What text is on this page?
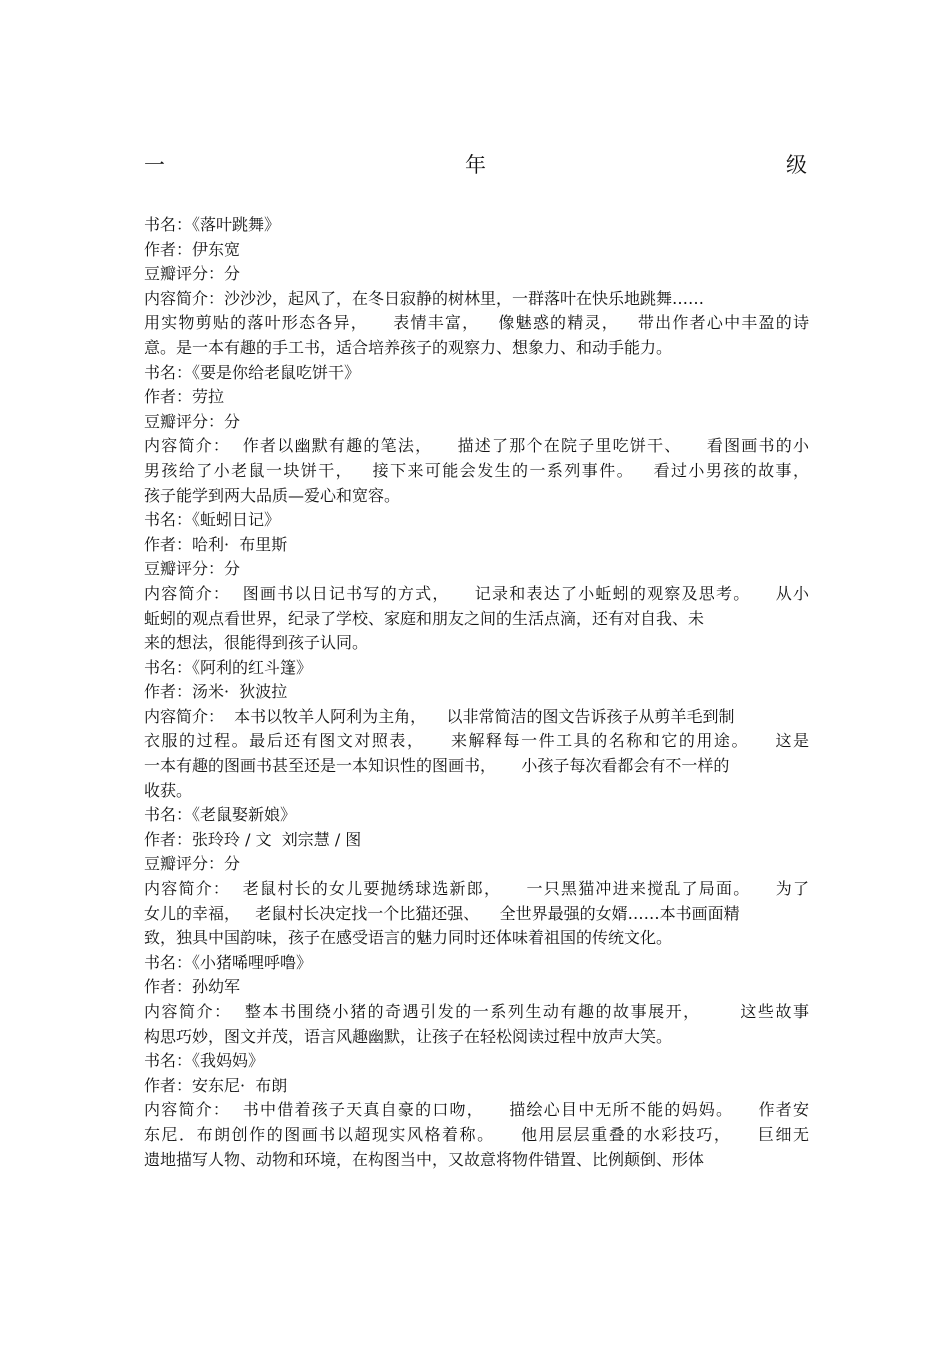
一	年	级
书名：《落叶跳舞》
作者：伊东宽
豆瓣评分：分
内容简介：沙沙沙，起风了，在冬日寂静的树林里，一群落叶在快乐地跳舞……
用实物剪贴的落叶形态各异，    表情丰富，   像魅惑的精灵，   带出作者心中丰盈的诗
意。是一本有趣的手工书，适合培养孩子的观察力、想象力、和动手能力。
书名：《要是你给老鼠吃饼干》
作者：劳拉
豆瓣评分：分
内容简介：  作者以幽默有趣的笔法，    描述了那个在院子里吃饼干、    看图画书的小
男孩给了小老鼠一块饼干，   接下来可能会发生的一系列事件。   看过小男孩的故事，
孩子能学到两大品质—爱心和宽容。
书名：《蚯蚓日记》
作者：哈利·  布里斯
豆瓣评分：分
内容简介：  图画书以日记书写的方式，    记录和表达了小蚯蚓的观察及思考。    从小
蚯蚓的观点看世界，纪录了学校、家庭和朋友之间的生活点滴，还有对自我、未
来的想法，很能得到孩子认同。
书名：《阿利的红斗篷》
作者：汤米·  狄波拉
内容简介：  本书以牧羊人阿利为主角，    以非常简洁的图文告诉孩子从剪羊毛到制
衣服的过程。最后还有图文对照表，    来解释每一件工具的名称和它的用途。    这是
一本有趣的图画书甚至还是一本知识性的图画书，     小孩子每次看都会有不一样的
收获。
书名：《老鼠娶新娘》
作者：张玲玲 / 文  刘宗慧 / 图
豆瓣评分：分
内容简介：  老鼠村长的女儿要抛绣球选新郎，    一只黑猫冲进来搅乱了局面。    为了
女儿的幸福，   老鼠村长决定找一个比猫还强、    全世界最强的女婿……本书画面精
致，独具中国韵味，孩子在感受语言的魅力同时还体味着祖国的传统文化。
书名：《小猪唏哩呼噜》
作者：孙幼军
内容简介：  整本书围绕小猪的奇遇引发的一系列生动有趣的故事展开，      这些故事
构思巧妙，图文并茂，语言风趣幽默，让孩子在轻松阅读过程中放声大笑。
书名：《我妈妈》
作者：安东尼·  布朗
内容简介：  书中借着孩子天真自豪的口吻，    描绘心目中无所不能的妈妈。    作者安
东尼．布朗创作的图画书以超现实风格着称。    他用层层重叠的水彩技巧，    巨细无
遗地描写人物、动物和环境，在构图当中，又故意将物件错置、比例颠倒、形体
